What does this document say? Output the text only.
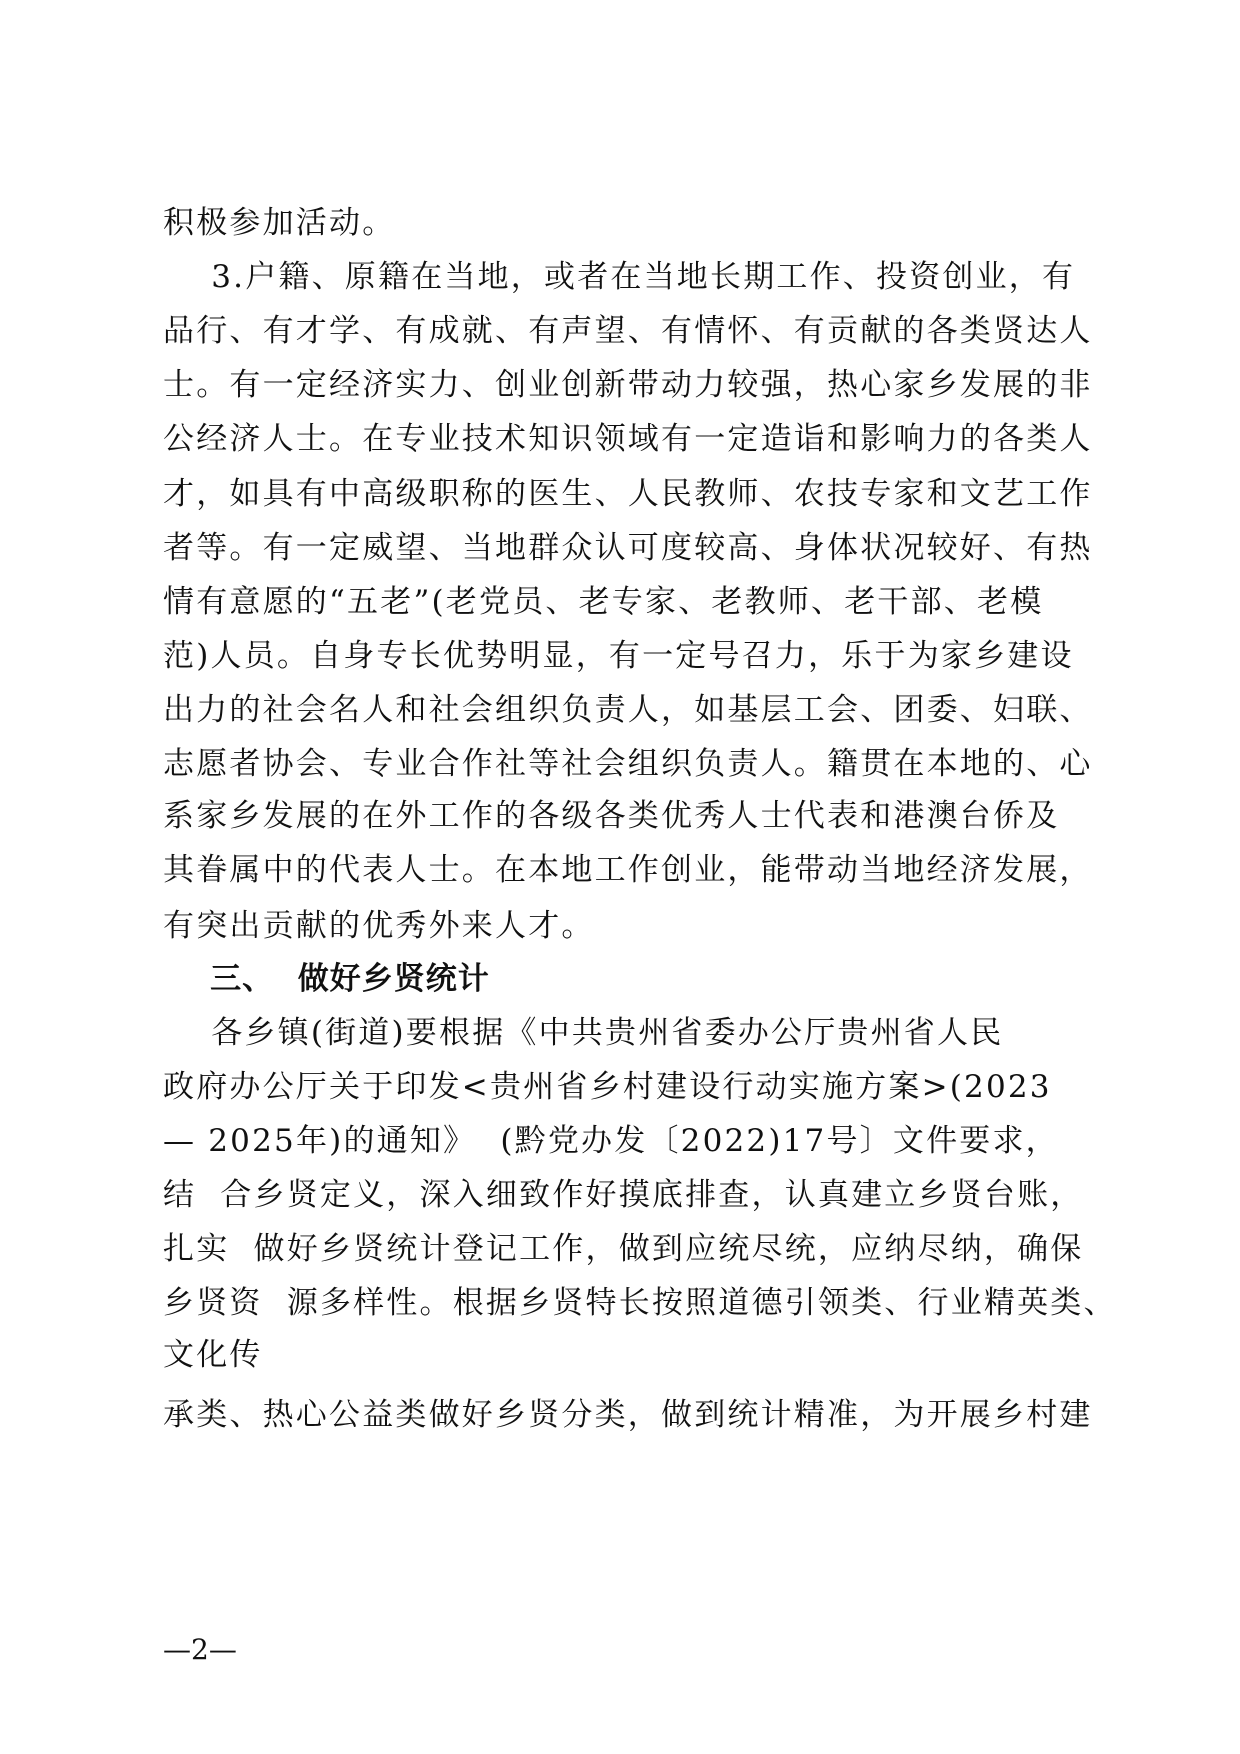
积极参加活动。
3.户籍、原籍在当地，或者在当地长期工作、投资创业，有
品行、有才学、有成就、有声望、有情怀、有贡献的各类贤达人
士。有一定经济实力、创业创新带动力较强，热心家乡发展的非
公经济人士。在专业技术知识领域有一定造诣和影响力的各类人
才，如具有中高级职称的医生、人民教师、农技专家和文艺工作
者等。有一定威望、当地群众认可度较高、身体状况较好、有热
情有意愿的“五老”(老党员、老专家、老教师、老干部、老模
范)人员。自身专长优势明显，有一定号召力，乐于为家乡建设
出力的社会名人和社会组织负责人，如基层工会、团委、妇联、
志愿者协会、专业合作社等社会组织负责人。籍贯在本地的、心
系家乡发展的在外工作的各级各类优秀人士代表和港澳台侨及
其眷属中的代表人士。在本地工作创业，能带动当地经济发展，
有突出贡献的优秀外来人才。
三、  做好乡贤统计
各乡镇(街道)要根据《中共贵州省委办公厅贵州省人民
政府办公厅关于印发<贵州省乡村建设行动实施方案>(2023
— 2025年)的通知》  (黔党办发〔2022)17号〕文件要求，
结  合乡贤定义，深入细致作好摸底排查，认真建立乡贤台账，
扎实  做好乡贤统计登记工作，做到应统尽统，应纳尽纳，确保
乡贤资  源多样性。根据乡贤特长按照道德引领类、行业精英类、
文化传
承类、热心公益类做好乡贤分类，做到统计精准，为开展乡村建
—2—
